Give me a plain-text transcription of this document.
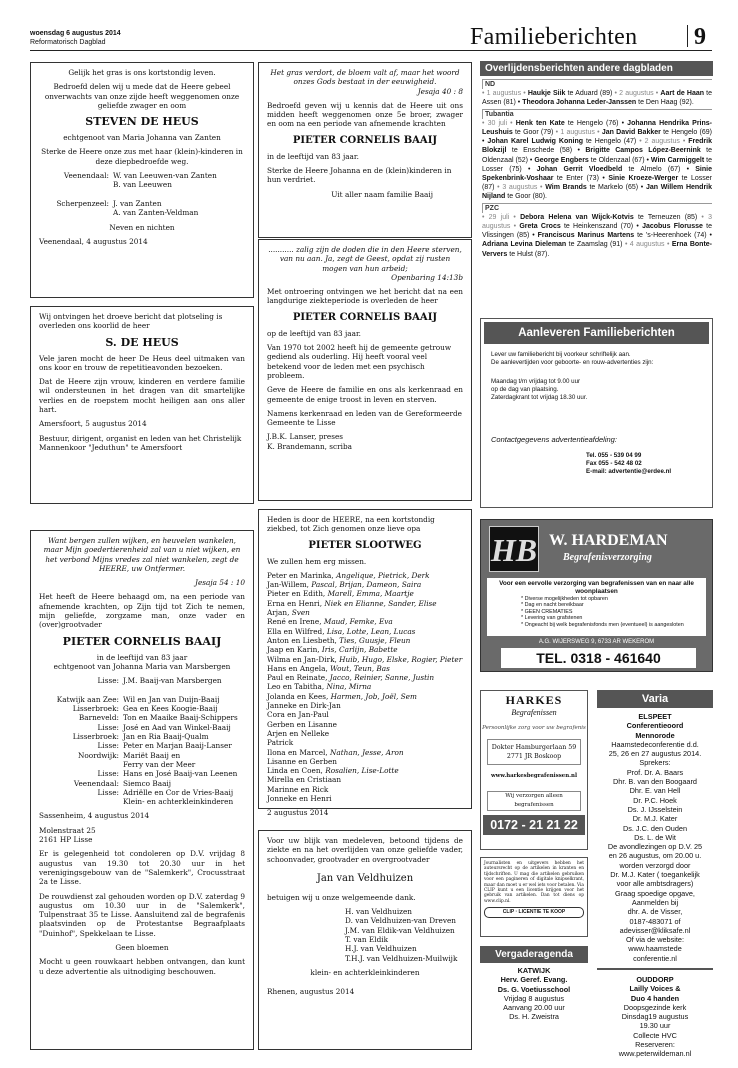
woensdag 6 augustus 2014
Reformatorisch Dagblad	Familieberichten 9

Gelijk het gras is ons kortstondig leven.

Bedroefd delen wij u mede dat de Heere gebeel onverwachts van onze zijde heeft weggenomen onze geliefde zwager en oom

STEVEN DE HEUS

echtgenoot van Maria Johanna van Zanten

Sterke de Heere onze zus met haar (klein)-kinderen in deze diepbedroefde weg.

Veenendaal: W. van Leeuwen-van Zanten

B. van Leeuwen

Scherpenzeel: J. van Zanten

A. van Zanten-Veldman

Neven en nichten

Veenendaal, 4 augustus 2014

Wij ontvingen het droeve bericht dat plotseling is overleden ons koorlid de heer

S. DE HEUS

Vele jaren mocht de heer De Heus deel uitmaken van ons koor en trouw de repetitieavonden bezoeken.

Dat de Heere zijn vrouw, kinderen en verdere familie wil ondersteunen in het dragen van dit smartelijke verlies en de roepstem mocht heiligen aan ons aller hart.

Amersfoort, 5 augustus 2014

Bestuur, dirigent, organist en leden van het Christelijk Mannenkoor "Jeduthun" te Amersfoort

Want bergen zullen wijken, en heuvelen wankelen, maar Mijn goedertierenheid zal van u niet wijken, en het verbond Mijns vredes zal niet wankelen, zegt de HEERE, uw Ontfermer.

Jesaja 54 : 10

Het heeft de Heere behaagd om, na een periode van afnemende krachten, op Zijn tijd tot Zich te nemen, mijn geliefde, zorgzame man, onze vader en (over)grootvader

PIETER CORNELIS BAAIJ
in de leeftijd van 83 jaar

echtgenoot van Johanna Maria van Marsbergen

Lisse: J.M. Baaij-van Marsbergen

Katwijk aan Zee: Wil en Jan van Duijn-Baaij
Lisserbroek: Gea en Kees Koogie-Baaij
Barneveld: Ton en Maaike Baaij-Schippers
Lisse: José en Aad van Winkel-Baaij
Lisserbroek: Jan en Ria Baaij-Qualm
Lisse: Peter en Marjan Baaij-Lanser
Noordwijk: Mariët Baaij en

Ferry van der Meer
Lisse: Hans en José Baaij-van Leenen
Veenendaal: Siemco Baaij
Lisse: Adriëlle en Cor de Vries-Baaij

Klein- en achterkleinkinderen

Sassenheim, 4 augustus 2014

Molenstraat 25

2161 HP Lisse

Er is gelegenheid tot condoleren op D.V. vrijdag 8 augustus van 19.30 tot 20.30 uur in het verenigingsgebouw van de "Salemkerk", Crocusstraat 2a te Lisse.

De rouwdienst zal gehouden worden op D.V. zaterdag 9 augustus om 10.30 uur in de "Salemkerk", Tulpenstraat 35 te Lisse. Aansluitend zal de begrafenis plaatsvinden op de Protestantse Begraafplaats "Duinhof", Spekkelaan te Lisse.

Geen bloemen

Mocht u geen rouwkaart hebben ontvangen, dan kunt u deze advertentie als uitnodiging beschouwen.

Het gras verdort, de bloem valt af, maar het woord onzes Gods bestaat in der eeuwigheid.

Jesaja 40 : 8

Bedroefd geven wij u kennis dat de Heere uit ons midden heeft weggenomen onze 5e broer, zwager en oom na een periode van afnemende krachten

PIETER CORNELIS BAAIJ

in de leeftijd van 83 jaar.

Sterke de Heere Johanna en de (klein)kinderen in hun verdriet.

Uit aller naam familie Baaij

........... zalig zijn de doden die in den Heere sterven, van nu aan. Ja, zegt de Geest, opdat zij rusten mogen van hun arbeid;

Openbaring 14:13b

Met ontroering ontvingen we het bericht dat na een langdurige ziekteperiode is overleden de heer

PIETER CORNELIS BAAIJ

op de leeftijd van 83 jaar.

Van 1970 tot 2002 heeft hij de gemeente getrouw gediend als ouderling. Hij heeft vooral veel betekend voor de leden met een psychisch probleem.

Geve de Heere de familie en ons als kerkenraad en gemeente de enige troost in leven en sterven.

Namens kerkenraad en leden van de Gereformeerde Gemeente te Lisse

J.B.K. Lanser, preses
K. Brandemann, scriba

Heden is door de HEERE, na een kortstondig ziekbed, tot Zich genomen onze lieve opa

PIETER SLOOTWEG

We zullen hem erg missen.

Peter en Marinka, Angelique, Pietrick, Derk
Jan-Willem, Pascal, Brijan, Dameon, Saira
Pieter en Edith, Marell, Emma, Maartje
Erna en Henri, Niek en Elianne, Sander, Elise
Arjan, Sven
René en Irene, Maud, Femke, Eva
Ella en Wilfred, Lisa, Lotte, Lean, Lucas
Anton en Liesbeth, Ties, Guusje, Fleun
Jaap en Karin, Iris, Carlijn, Babette
Wilma en Jan-Dirk, Huib, Hugo, Elske, Rogier, Pieter
Hans en Angela, Wout, Teun, Bas
Paul en Reinate, Jacco, Reinier, Sanne, Justin
Leo en Tabitha, Nina, Mirna
Jolanda en Kees, Harmen, Job, Joël, Sem
Janneke en Dirk-Jan
Cora en Jan-Paul
Gerben en Lisanne
Arjen en Nelleke
Patrick
Ilona en Marcel, Nathan, Jesse, Aron
Lisanne en Gerben
Linda en Coen, Rosalien, Lise-Lotte
Mirella en Cristiaan
Marinne en Rick
Jonneke en Henri
2 augustus 2014

Voor uw blijk van medeleven, betoond tijdens de ziekte en na het overlijden van onze geliefde vader, schoonvader, grootvader en overgrootvader

Jan van Veldhuizen

betuigen wij u onze welgemeende dank.

H. van Veldhuizen
D. van Veldhuizen-van Dreven
J.M. van Eldik-van Veldhuizen
T. van Eldik
H.J. van Veldhuizen
T.H.J. van Veldhuizen-Muilwijk

klein- en achterkleinkinderen

Rhenen, augustus 2014
Overlijdensberichten andere dagbladen
ND
• 1 augustus • Haukje Siik te Aduard (89) • 2 augustus • Aart de Haan te Assen (81) • Theodora Johanna Leder-Janssen te Den Haag (92).
Tubantia
• 30 juli • Henk ten Kate te Hengelo (76) • Johanna Hendrika Prins-Leushuis te Goor (79) • 1 augustus • Jan David Bakker te Hengelo (69) • Johan Karel Ludwig Koning te Hengelo (47) • 2 augustus • Fredrik Blokzijl te Enschede (58) • Brigitte Campos López-Beernink te Oldenzaal (52) • George Engbers te Oldenzaal (67) • Wim Carmiggelt te Losser (75) • Johan Gerrit Vloedbeld te Almelo (67) • Sinie Spekenbrink-Voshaar te Enter (73) • Sinie Kroeze-Werger te Losser (87) • 3 augustus • Wim Brands te Markelo (65) • Jan Willem Hendrik Nijland te Goor (80).
PZC
• 29 juli • Debora Helena van Wijck-Kotvis te Terneuzen (85) • 3 augustus • Greta Crocs te Heinkenszand (70) • Jacobus Florusse te Vlissingen (85) • Franciscus Marinus Martens te 's-Heerenhoek (74) • Adriana Levina Dieleman te Zaamslag (91) • 4 augustus • Erna Bonte-Ververs te Hulst (87).
Aanleveren Familieberichten
Lever uw familiebericht bij voorkeur schriftelijk aan.
De aanlevertijden voor geboorte- en rouw-advertenties zijn:
Maandag t/m vrijdag tot 9.00 uur
op de dag van plaatsing.
Zaterdagkrant tot vrijdag 18.30 uur.
Contactgegevens advertentieafdeling:
Tel. 055 - 539 04 99
Fax 055 - 542 48 02
E-mail: advertentie@erdee.nl
HB W. HARDEMAN
Begrafenisverzorging
Voor een eervolle verzorging van begrafenissen van en naar alle woonplaatsen
* Diverse mogelijkheden tot opbaren
* Dag en nacht bereikbaar
* GEEN CREMATIES
* Levering van grafstenen
* Ongeacht bij welk begrafenisfonds men (eventueel) is aangesloten
A.G. WIJERSWEG 9, 6733 AR WEKEROM
TEL. 0318 - 461640
HARKES
Begrafenissen
Persoonlijke zorg voor uw begrafenis
Dokter Hamburgerlaan 59
2771 JR Boskoop
www.harkesbegrafenissen.nl
Wij verzorgen alleen begrafenissen
0172 - 21 21 22
Journalisten en uitgevers hebben het auteursrecht op de artikelen in kranten en tijdschriften. U mag die artikelen gebruiken voor een pagineren of digitale knipselkrant, maar dan moet u er wel iets voor betalen. Via CLIP kunt u een licentie krijgen voor het gebruik van artikelen. Dan tot diens op www.clip.nl.
CLIP · LICENTIE TE KOOP
Vergaderagenda
KATWIJK
Herv. Geref. Evang.
Ds. G. Voetiusschool
Vrijdag 8 augustus
Aanvang 20.00 uur
Ds. H. Zweistra
Varia
ELSPEET
Conferentieoord
Mennorode
Haamstedeconferentie d.d.
25, 26 en 27 augustus 2014.
Sprekers:
Prof. Dr. A. Baars
Dhr. B. van den Boogaard
Dhr. E. van Hell
Dr. P.C. Hoek
Ds. J. IJsselstein
Dr. M.J. Kater
Ds. J.C. den Ouden
Ds. L. de Wit
De avondlezingen op D.V. 25
en 26 augustus, om 20.00 u.
worden verzorgd door
Dr. M.J. Kater ( toegankelijk
voor alle ambtsdragers)
Graag spoedige opgave,
Aanmelden bij
dhr. A. de Visser,
0187-483071 of
adevisser@kliksafe.nl
Of via de website:
www.haamstede
conferentie.nl
OUDDORP
Lailly Voices &
Duo 4 handen
Doopsgezinde kerk
Dinsdag19 augustus
19.30 uur
Collecte HVC
Reserveren:
www.peterwildeman.nl
